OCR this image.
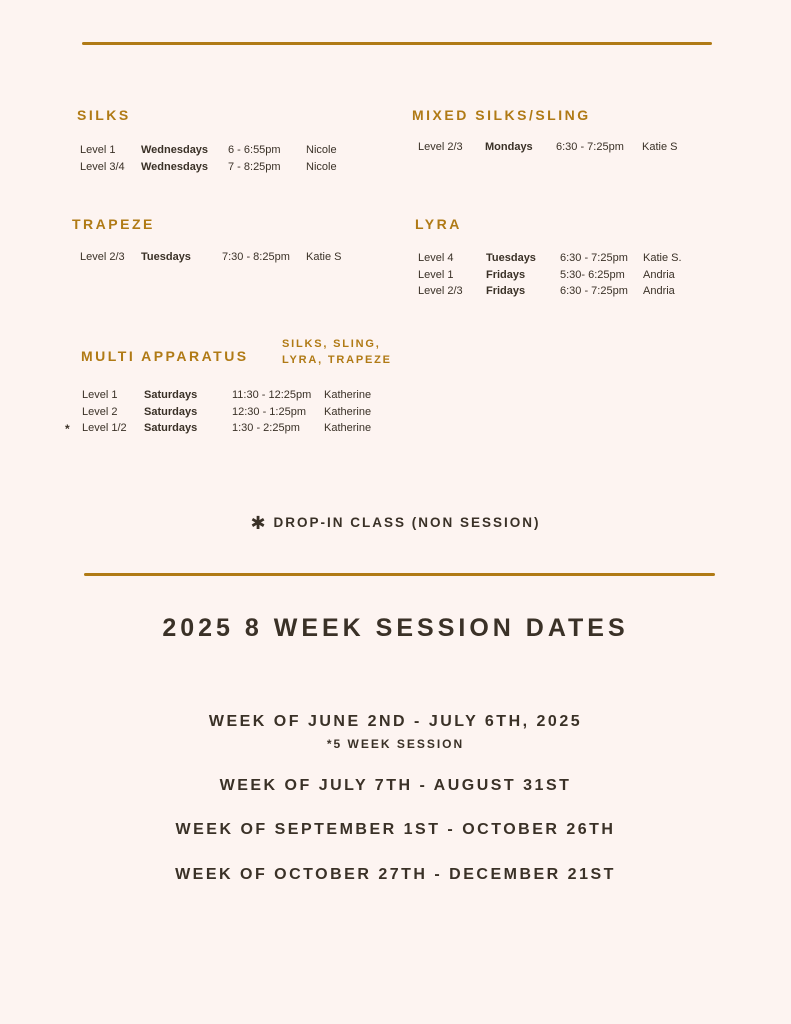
SILKS
Level 1 Wednesdays 6 - 6:55pm Nicole
Level 3/4 Wednesdays 7 - 8:25pm Nicole
MIXED SILKS/SLING
Level 2/3 Mondays 6:30 - 7:25pm Katie S
TRAPEZE
Level 2/3 Tuesdays	7:30 - 8:25pm Katie S
LYRA
Level 4	Tuesdays 6:30 - 7:25pm Katie S.
Level 1	Fridays	5:30- 6:25pm Andria
Level 2/3 Fridays	6:30 - 7:25pm Andria
MULTI APPARATUS
SILKS, SLING,
LYRA, TRAPEZE
Level 1 Saturdays	11:30 - 12:25pm Katherine
Level 2 Saturdays	12:30 - 1:25pm Katherine
* Level 1/2 Saturdays	1:30 - 2:25pm Katherine
✱ DROP-IN CLASS (NON SESSION)
2025 8 WEEK SESSION DATES
WEEK OF JUNE 2ND - JULY 6TH, 2025
*5 WEEK SESSION
WEEK OF JULY 7TH - AUGUST 31ST
WEEK OF SEPTEMBER 1ST - OCTOBER 26TH
WEEK OF OCTOBER 27TH - DECEMBER 21ST
